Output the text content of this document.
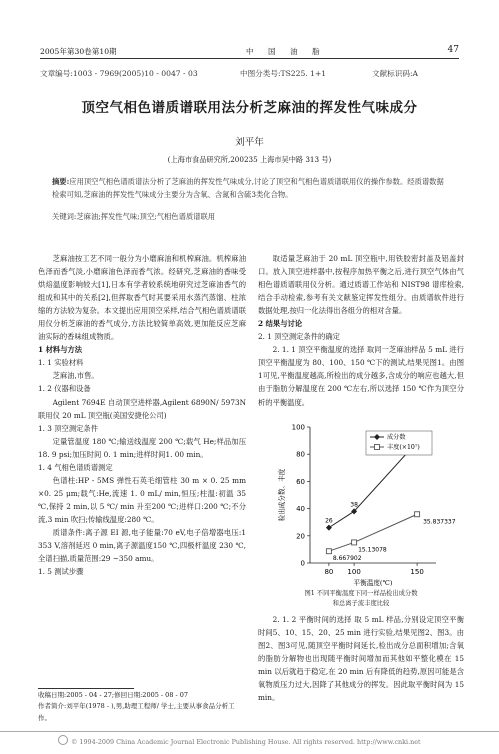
2005年第30卷第10期	中 国 油 脂	47
文章编号:1003 - 7969(2005)10 - 0047 - 03	中图分类号:TS225. 1+1	文献标识码:A
顶空气相色谱质谱联用法分析芝麻油的挥发性气味成分
刘平年
(上海市食品研究所,200235 上海市吴中路 313 号)
摘要:应用顶空气相色谱质谱法分析了芝麻油的挥发性气味成分,讨论了顶空和气相色谱质谱联用仪的操作参数。经质谱数据检索可知,芝麻油的挥发性气味成分主要分为含氧、含氮和含硫3类化合物。
关键词:芝麻油;挥发性气味;顶空;气相色谱质谱联用

芝麻油按工艺不同一般分为小磨麻油和机榨麻油。机榨麻油色泽而香气淡,小磨麻油色泽而香气浓。经研究,芝麻油的香味受烘焙温度影响较大[1],日本有学者较系统地研究过芝麻油香气的组成和其中的关系[2],但挥取香气时其要采用水蒸汽蒸馏、柱浓缩的方法较为复杂。本文提出应用顶空采样,结合气相色谱质谱联用仪分析芝麻油的香气成分,方法比较简单高效,更加能反应芝麻油实际的香味组成物质。

1 材料与方法

1. 1 实验材料

芝麻油,市售。

1. 2 仪器和设备

Agilent 7694E 自动顶空进样器,Agilent 6890N/ 5973N 联用仪 20 mL 顶空瓶(美国安捷伦公司)

1. 3 顶空测定条件

定量管温度 180 ℃;输送线温度 200 ℃;载气 He;样品加压 18. 9 psi;加压时间 0. 1 min;进样时间1. 00 min。

1. 4 气相色谱质谱测定

色谱柱:HP - 5MS 弹性石英毛细管柱 30 m × 0. 25 mm ×0. 25 μm;载气:He,流速 1. 0 mL/ min,恒压;柱温:初温 35 ℃,保持 2 min,以 5 ℃/ min 升至200 ℃;进样口:200 ℃;不分流,3 min 吹扫;传输线温度:280 ℃。

质谱条件:离子源 EI 源,电子能量:70 eV,电子倍增器电压:1 353 V,溶剂延迟 0 min,离子源温度150 ℃,四极杆温度 230 ℃,全谱扫描,质量范围:29 ~350 amu。

1. 5 测试步骤

取适量芝麻油于 20 mL 顶空瓶中,用铁胶密封盖及铝盖封口。放入顶空进样器中,按程序加热平衡之后,进行顶空气体由气相色谱质谱联用仪分析。通过质谱工作站和 NIST98 谱库检索,结合手动检索,参考有关文献鉴定挥发性组分。由质谱软件进行数据处理,按归一化法得出各组分的相对含量。

2 结果与讨论

2. 1 顶空测定条件的确定

2. 1. 1 顶空平衡温度的选择 取同一芝麻油样品 5 mL 进行顶空平衡温度为 80、100、150 ℃下的测试,结果见图1。由图1可见,平衡温度越高,所检出的成分越多,含成分的响应也越大,但由于脂肪分解温度在 200 ℃左右,所以选择 150 ℃作为顶空分析的平衡温度。

0
20
40
60
80
100
80 100	150
平衡温度(℃)
检出成分数、丰度	26
38
8.667902
15.13078
35.837337
成分数
丰度(×10⁷)

图1 不同平衡温度下同一样品检出成分数

和总离子流丰度比较

2. 1. 2 平衡时间的选择 取 5 mL 样品,分别设定顶空平衡时间5、10、15、20、25 min 进行实验,结果见图2、图3。由图2、图3可见,随顶空平衡时间延长,检出成分总面积增加;含氧的脂肪分解物也出现随平衡时间增加而其他如平整化模在 15 min 以后就趋于稳定,在 20 min 后有降低的趋势,原因可能是含氧物质压力过大,因降了其他成分的挥发。因此取平衡时间为 15 min。

收稿日期:2005 - 04 - 27;修回日期:2005 - 08 - 07
作者简介:刘平年(1978 - ),男,助理工程师/ 学士,主要从事食品分析工作。
© 1994-2009 China Academic Journal Electronic Publishing House. All rights reserved. http://www.cnki.net
